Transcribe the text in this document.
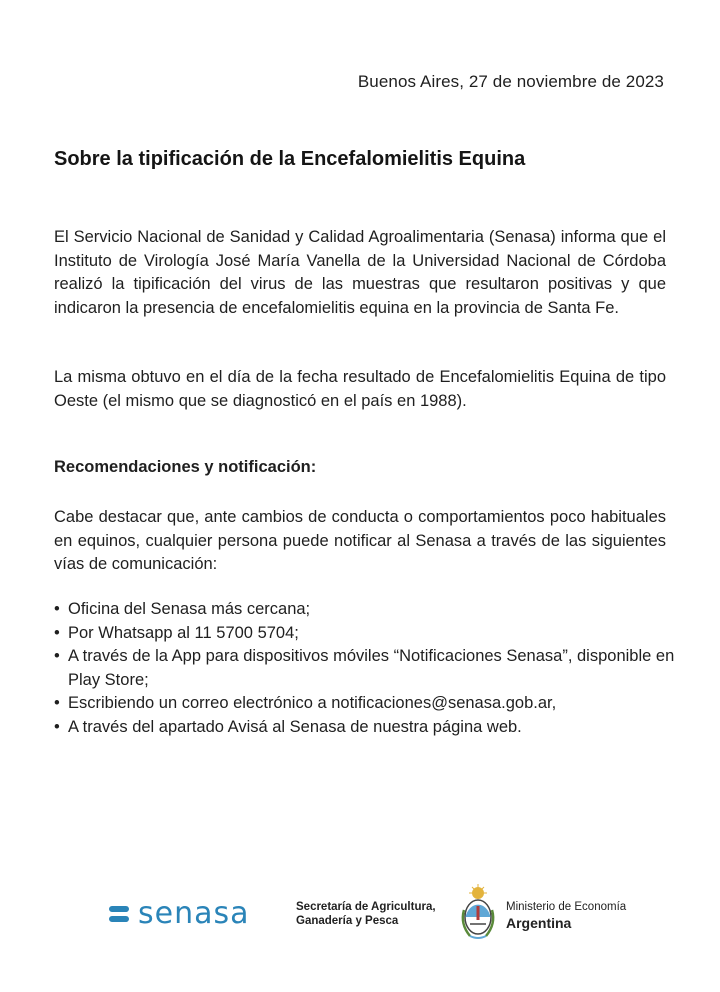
Buenos Aires, 27 de noviembre de 2023
Sobre la tipificación de la Encefalomielitis Equina

El Servicio Nacional de Sanidad y Calidad Agroalimentaria (Senasa) informa que el Instituto de Virología José María Vanella de la Universidad Nacional de Córdoba realizó la tipificación del virus de las muestras que resultaron positivas y que indicaron la presencia de encefalomielitis equina en la provincia de Santa Fe.

La misma obtuvo en el día de la fecha resultado de Encefalomielitis Equina de tipo Oeste (el mismo que se diagnosticó en el país en 1988).

Recomendaciones y notificación:

Cabe destacar que, ante cambios de conducta o comportamientos poco habituales en equinos, cualquier persona puede notificar al Senasa a través de las siguientes vías de comunicación:

• Oficina del Senasa más cercana;
• Por Whatsapp al 11 5700 5704;
• A través de la App para dispositivos móviles “Notificaciones Senasa”, disponible en Play Store;
• Escribiendo un correo electrónico a notificaciones@senasa.gob.ar,
• A través del apartado Avisá al Senasa de nuestra página web.
senasa	Secretaría de Agricultura,
Ganadería y Pesca
Ministerio de Economía
Argentina
